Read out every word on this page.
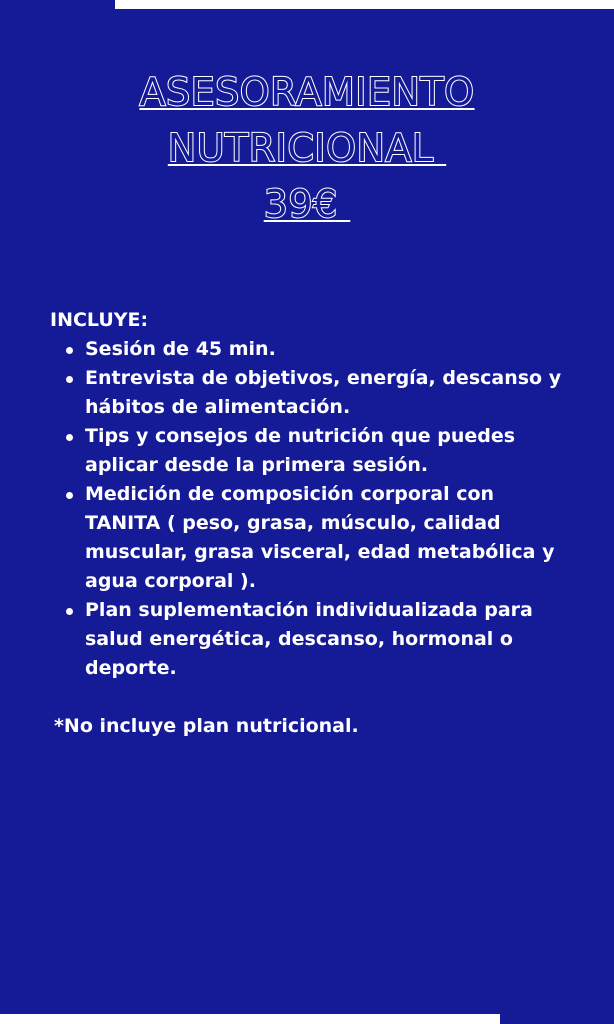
ASESORAMIENTO
NUTRICIONAL
39€

INCLUYE:

Sesión de 45 min.
Entrevista de objetivos, energía, descanso y hábitos de alimentación.
Tips y consejos de nutrición que puedes aplicar desde la primera sesión.
Medición de composición corporal con TANITA ( peso, grasa, músculo, calidad muscular, grasa visceral, edad metabólica y agua corporal ).
Plan suplementación individualizada para salud energética, descanso, hormonal o deporte.
*No incluye plan nutricional.
